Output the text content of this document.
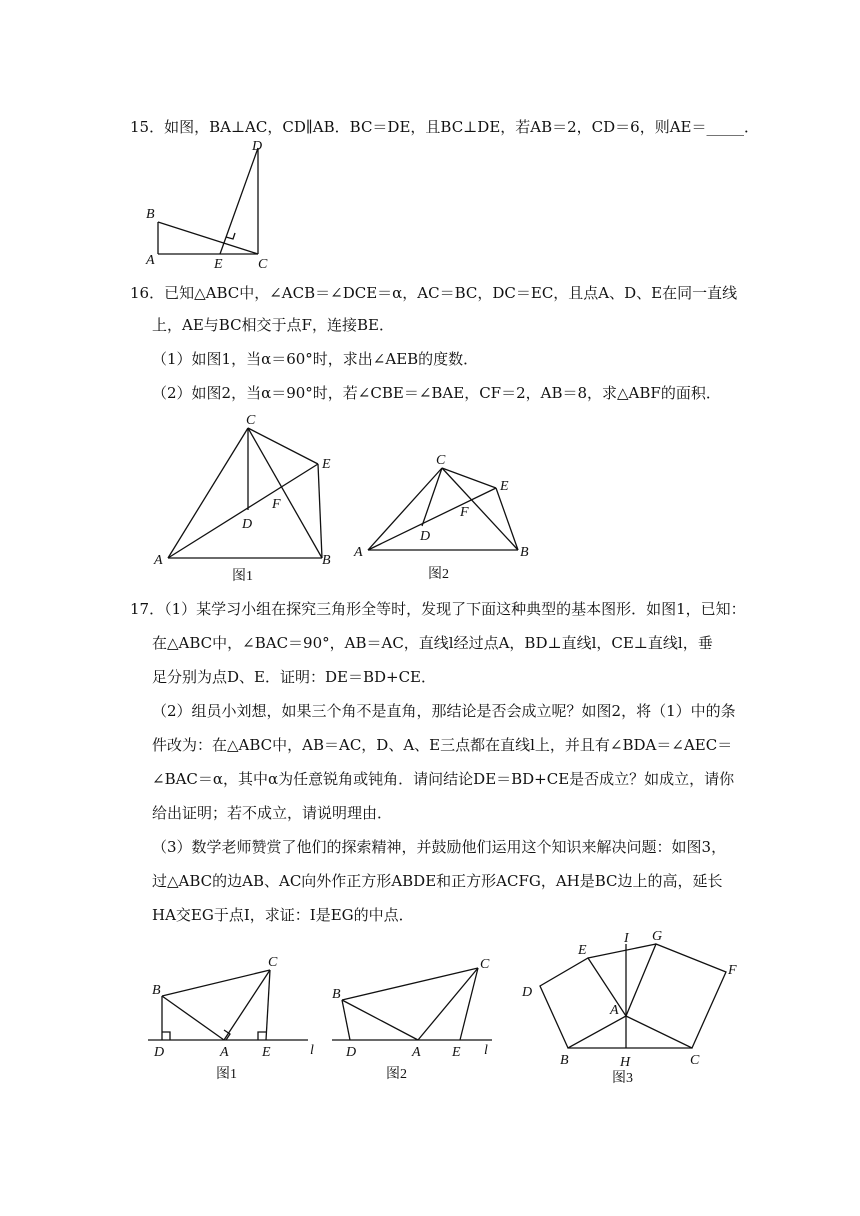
15．如图，BA⊥AC，CD∥AB．BC＝DE，且BC⊥DE，若AB＝2，CD＝6，则AE＝_____．
D
B
A	E	C
16．已知△ABC中，∠ACB＝∠DCE＝α，AC＝BC，DC＝EC，且点A、D、E在同一直线
上，AE与BC相交于点F，连接BE．
（1）如图1，当α＝60°时，求出∠AEB的度数．
（2）如图2，当α＝90°时，若∠CBE＝∠BAE，CF＝2，AB＝8，求△ABF的面积．
C
E
F
D
A	B
图1
C
E
F
D
A	B
图2
17．（1）某学习小组在探究三角形全等时，发现了下面这种典型的基本图形．如图1，已知：
在△ABC中，∠BAC＝90°，AB＝AC，直线l经过点A，BD⊥直线l，CE⊥直线l，垂
足分别为点D、E．证明：DE＝BD+CE．
（2）组员小刘想，如果三个角不是直角，那结论是否会成立呢？如图2，将（1）中的条
件改为：在△ABC中，AB＝AC，D、A、E三点都在直线l上，并且有∠BDA＝∠AEC＝
∠BAC＝α，其中α为任意锐角或钝角．请问结论DE＝BD+CE是否成立？如成立，请你
给出证明；若不成立，请说明理由．
（3）数学老师赞赏了他们的探索精神，并鼓励他们运用这个知识来解决问题：如图3，
过△ABC的边AB、AC向外作正方形ABDE和正方形ACFG，AH是BC边上的高，延长
HA交EG于点I，求证：I是EG的中点．
C
B
D	A E	l
图1
C
B
D	A E l
图2
I G
E
F
D
A
B	H	C
图3
